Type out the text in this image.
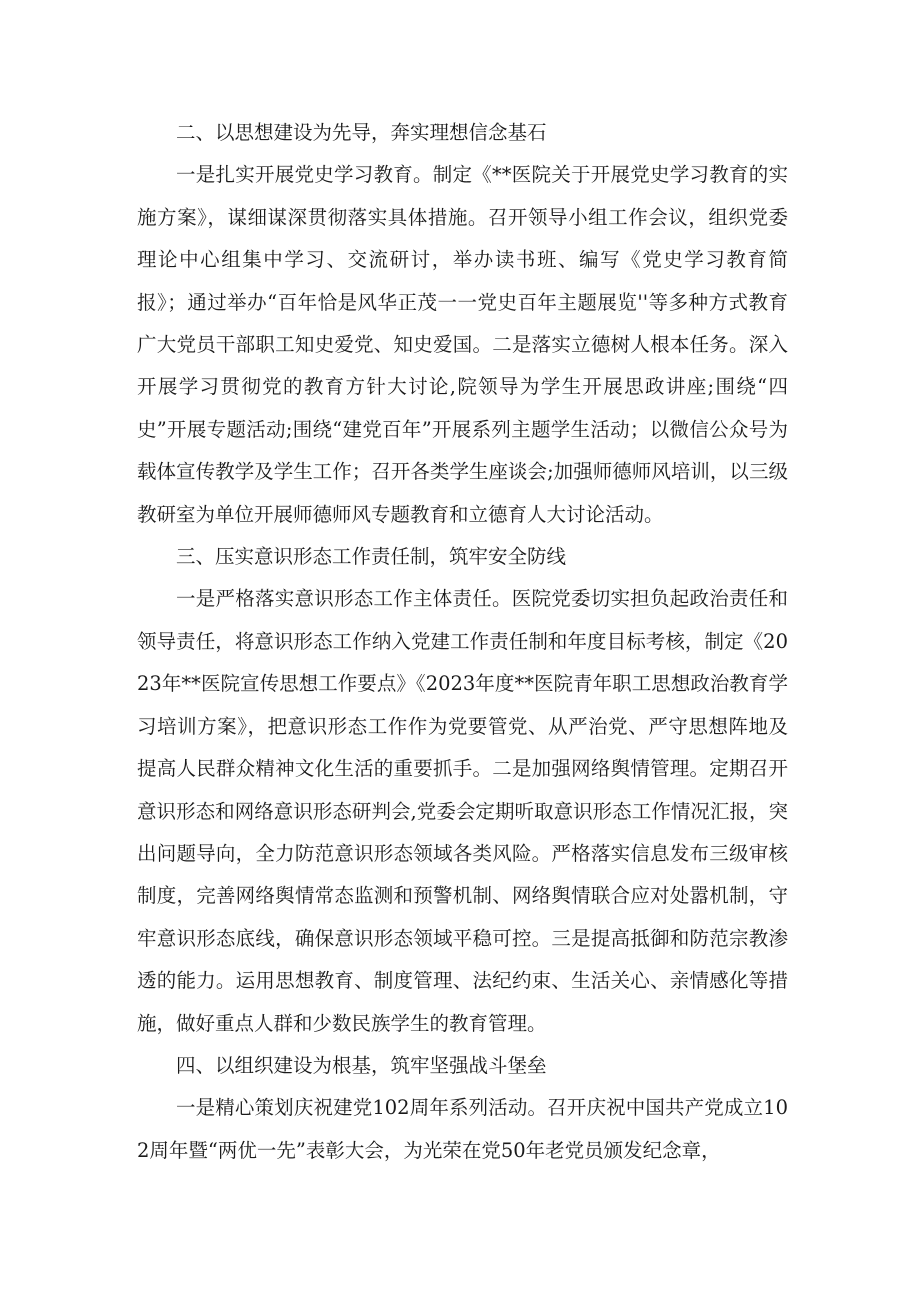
二、以思想建设为先导，奔实理想信念基石

一是扎实开展党史学习教育。制定《**医院关于开展党史学习教育的实施方案》，谋细谋深贯彻落实具体措施。召开领导小组工作会议，组织党委理论中心组集中学习、交流研讨，举办读书班、编写《党史学习教育简报》；通过举办“百年恰是风华正茂一一党史百年主题展览''等多种方式教育广大党员干部职工知史爱党、知史爱国。二是落实立德树人根本任务。深入开展学习贯彻党的教育方针大讨论,院领导为学生开展思政讲座;围绕“四史”开展专题活动;围绕“建党百年”开展系列主题学生活动；以微信公众号为载体宣传教学及学生工作；召开各类学生座谈会;加强师德师风培训，以三级教研室为单位开展师德师风专题教育和立德育人大讨论活动。

三、压实意识形态工作责任制，筑牢安全防线

一是严格落实意识形态工作主体责任。医院党委切实担负起政治责任和领导责任，将意识形态工作纳入党建工作责任制和年度目标考核，制定《2023年**医院宣传思想工作要点》《2023年度**医院青年职工思想政治教育学习培训方案》，把意识形态工作作为党要管党、从严治党、严守思想阵地及提高人民群众精神文化生活的重要抓手。二是加强网络舆情管理。定期召开意识形态和网络意识形态研判会,党委会定期听取意识形态工作情况汇报，突出问题导向，全力防范意识形态领域各类风险。严格落实信息发布三级审核制度，完善网络舆情常态监测和预警机制、网络舆情联合应对处嚣机制，守牢意识形态底线，确保意识形态领域平稳可控。三是提高抵御和防范宗教渗透的能力。运用思想教育、制度管理、法纪约束、生活关心、亲情感化等措施，做好重点人群和少数民族学生的教育管理。

四、以组织建设为根基，筑牢坚强战斗堡垒

一是精心策划庆祝建党102周年系列活动。召开庆祝中国共产党成立102周年暨“两优一先”表彰大会，为光荣在党50年老党员颁发纪念章，
